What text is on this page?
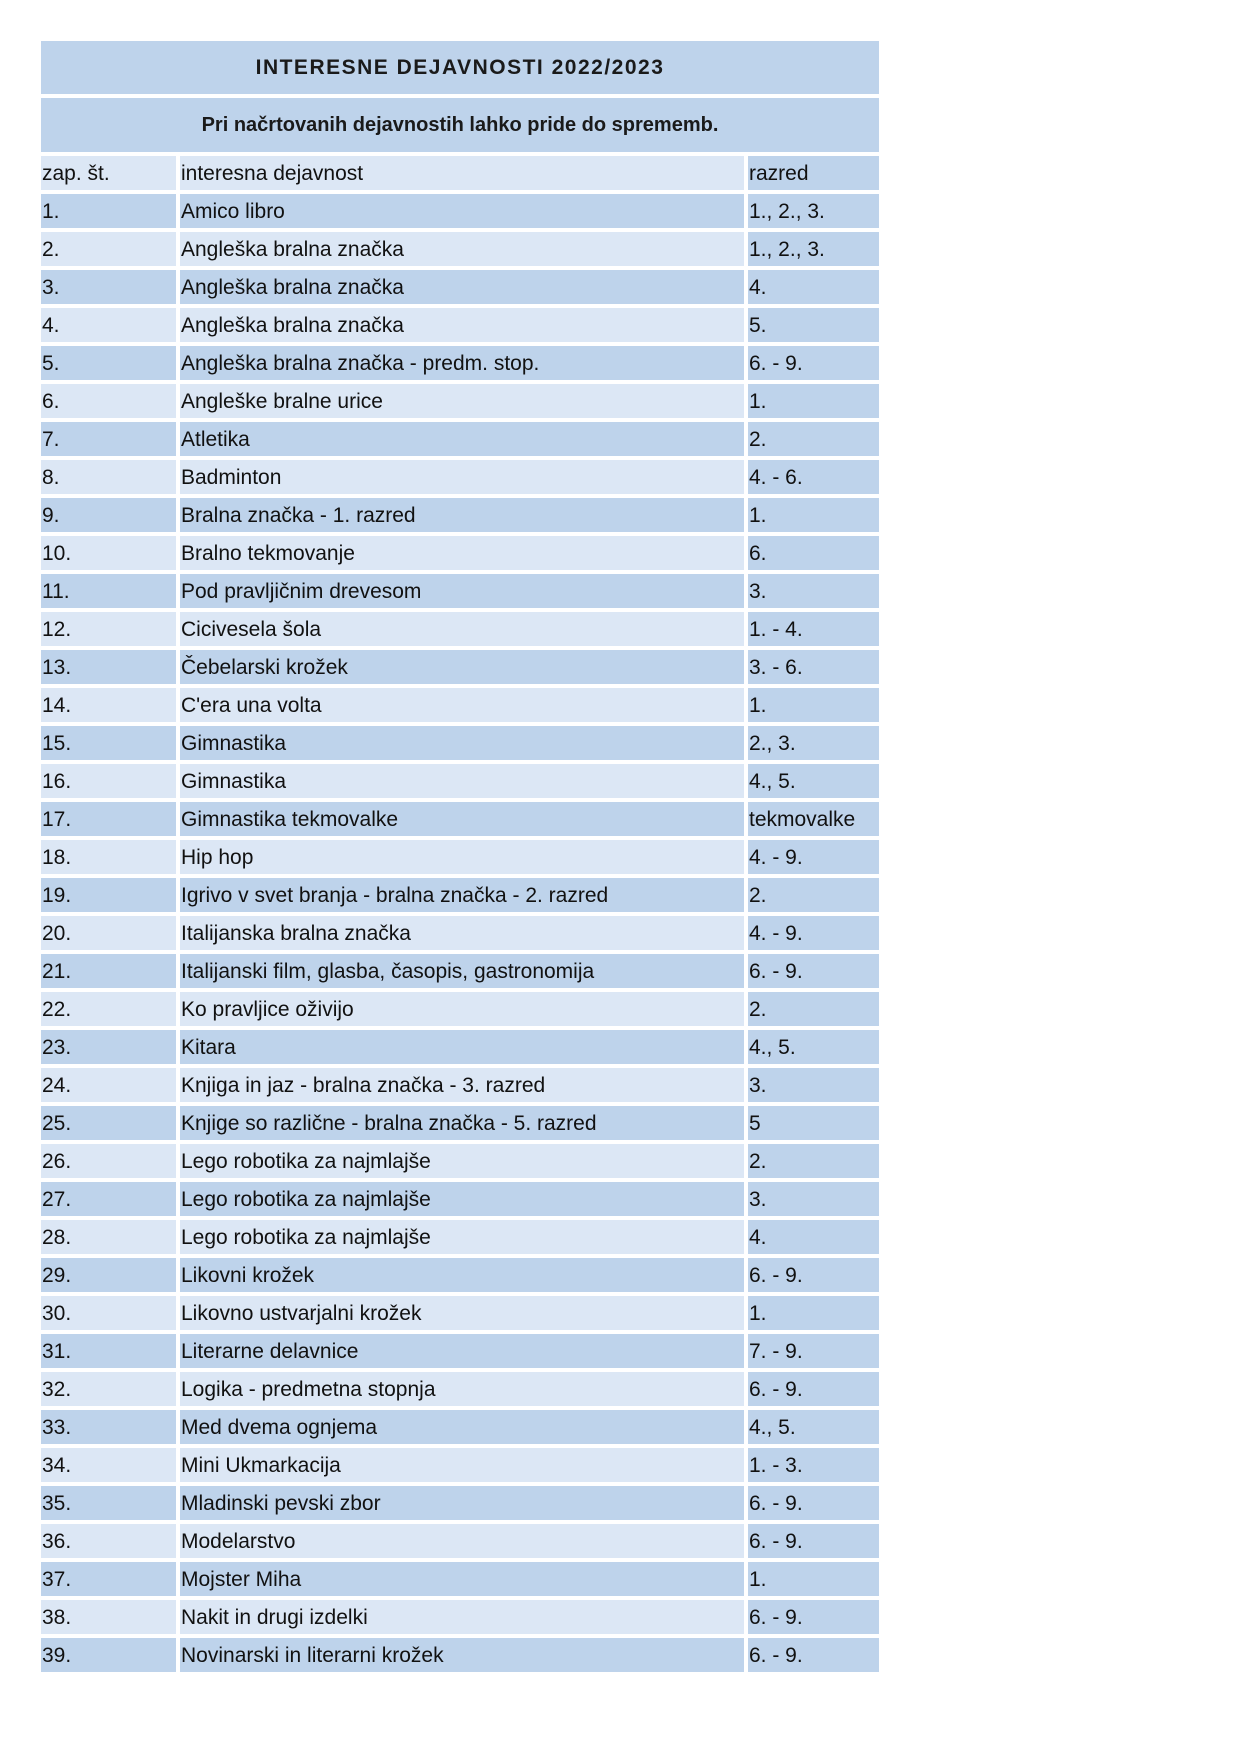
INTERESNE DEJAVNOSTI 2022/2023
Pri načrtovanih dejavnostih lahko pride do sprememb.
zap. št.	interesna dejavnost	razred
1.	Amico libro	1., 2., 3.
2.	Angleška bralna značka	1., 2., 3.
3.	Angleška bralna značka	4.
4.	Angleška bralna značka	5.
5.	Angleška bralna značka - predm. stop.	6. - 9.
6.	Angleške bralne urice	1.
7.	Atletika	2.
8.	Badminton	4. - 6.
9.	Bralna značka - 1. razred	1.
10.	Bralno tekmovanje	6.
11.	Pod pravljičnim drevesom	3.
12.	Cicivesela šola	1. - 4.
13.	Čebelarski krožek	3. - 6.
14.	C'era una volta	1.
15.	Gimnastika	2., 3.
16.	Gimnastika	4., 5.
17.	Gimnastika tekmovalke	tekmovalke
18.	Hip hop	4. - 9.
19.	Igrivo v svet branja - bralna značka - 2. razred	2.
20.	Italijanska bralna značka	4. - 9.
21.	Italijanski film, glasba, časopis, gastronomija	6. - 9.
22.	Ko pravljice oživijo	2.
23.	Kitara	4., 5.
24.	Knjiga in jaz - bralna značka - 3. razred	3.
25.	Knjige so različne - bralna značka - 5. razred	5
26.	Lego robotika za najmlajše	2.
27.	Lego robotika za najmlajše	3.
28.	Lego robotika za najmlajše	4.
29.	Likovni krožek	6. - 9.
30.	Likovno ustvarjalni krožek	1.
31.	Literarne delavnice	7. - 9.
32.	Logika - predmetna stopnja	6. - 9.
33.	Med dvema ognjema	4., 5.
34.	Mini Ukmarkacija	1. - 3.
35.	Mladinski pevski zbor	6. - 9.
36.	Modelarstvo	6. - 9.
37.	Mojster Miha	1.
38.	Nakit in drugi izdelki	6. - 9.
39.	Novinarski in literarni krožek	6. - 9.
